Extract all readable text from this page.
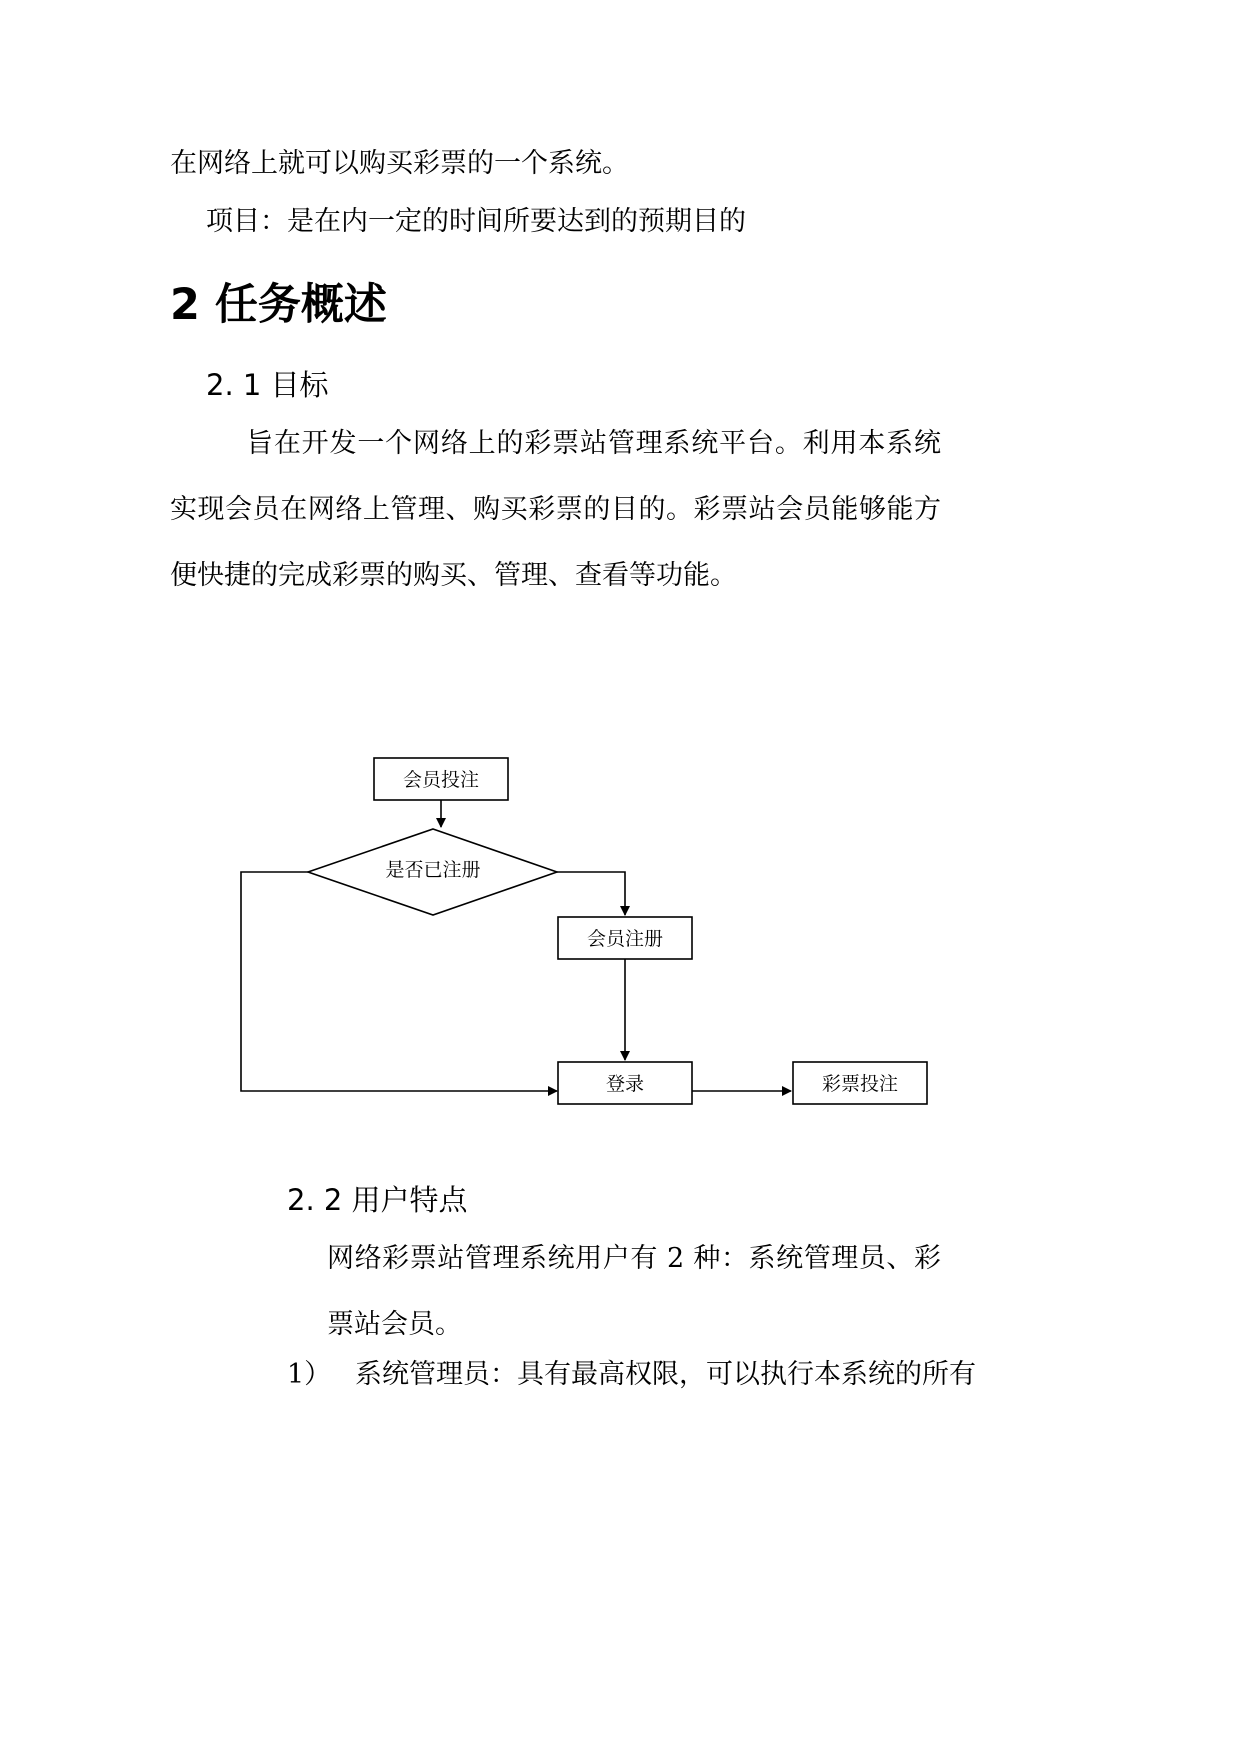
在网络上就可以购买彩票的一个系统。
项目：是在内一定的时间所要达到的预期目的
2 任务概述
2. 1 目标
旨在开发一个网络上的彩票站管理系统平台。利用本系统实现会员在网络上管理、购买彩票的目的。彩票站会员能够能方便快捷的完成彩票的购买、管理、查看等功能。
会员投注
是否已注册
会员注册
登录	彩票投注
2. 2 用户特点
网络彩票站管理系统用户有 2 种：系统管理员、彩票站会员。
1） 系统管理员：具有最高权限，可以执行本系统的所有
